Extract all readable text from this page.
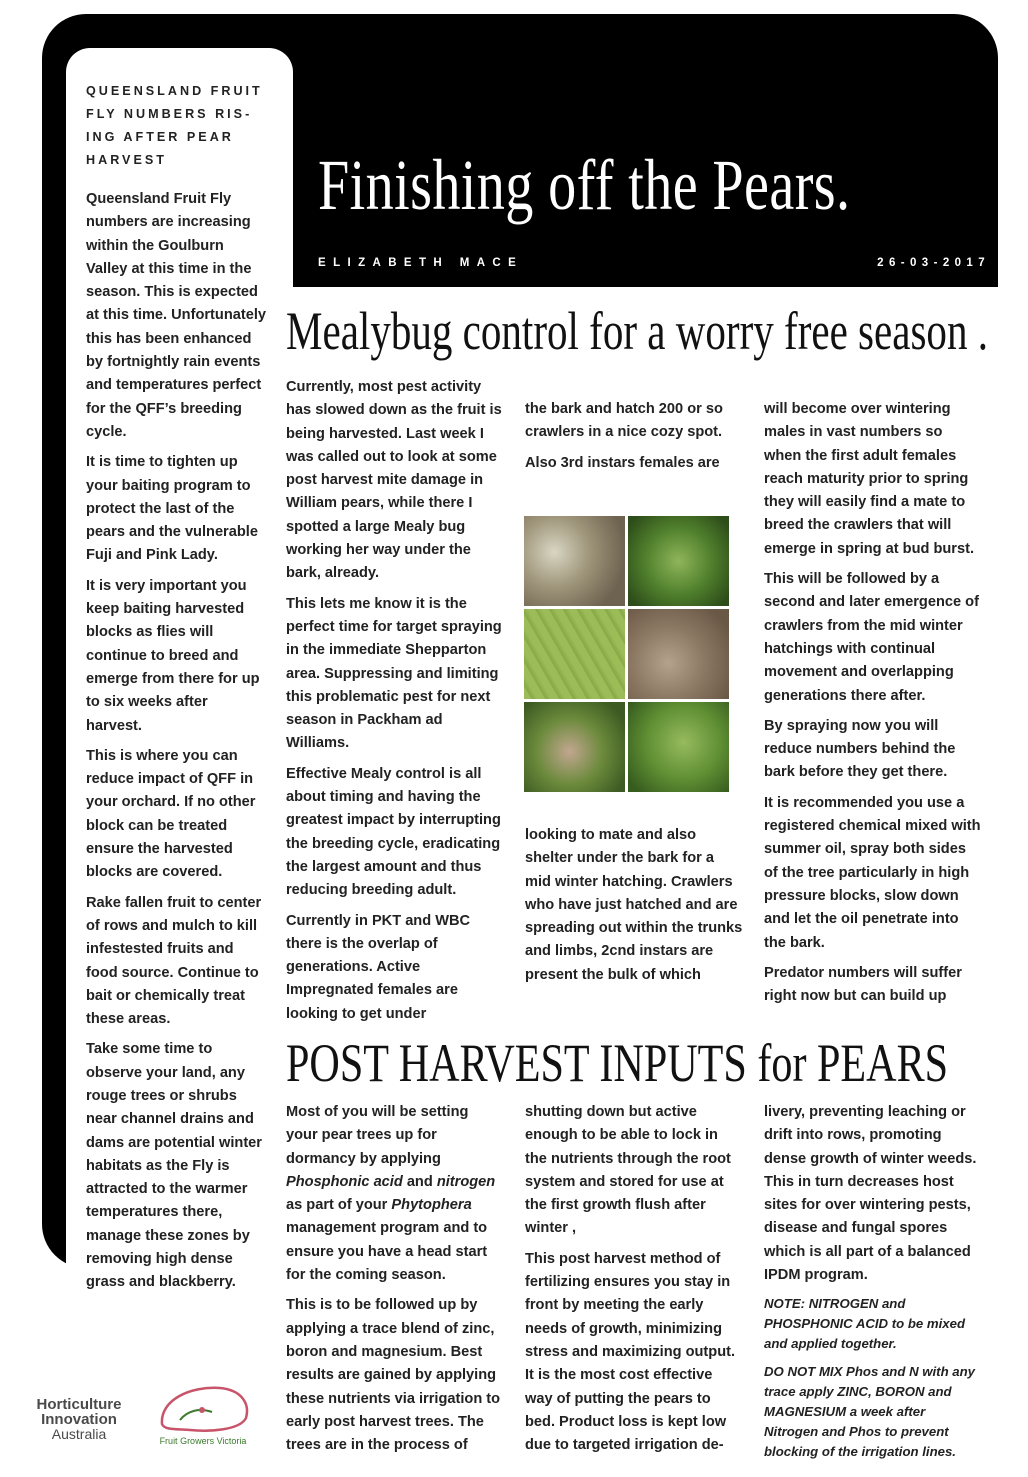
QUEENSLAND FRUIT
FLY NUMBERS RIS-
ING AFTER PEAR
HARVEST

Queensland Fruit Fly numbers are increasing within the Goulburn Valley at this time in the season. This is expected at this time. Unfortunately this has been enhanced by fortnightly rain events and temperatures perfect for the QFF’s breeding cycle.

It is time to tighten up your baiting program to protect the last of the pears and the vulnerable Fuji and Pink Lady.

It is very important you keep baiting harvested blocks as flies will continue to breed and emerge from there for up to six weeks after harvest.

This is where you can reduce impact of QFF in your orchard. If no other block can be treated ensure the harvested blocks are covered.

Rake fallen fruit to center of rows and mulch to kill infestested fruits and food source. Continue to bait or chemically treat these areas.

Take some time to observe your land, any rouge trees or shrubs near channel drains and dams are potential winter habitats as the Fly is attracted to the warmer temperatures there, manage these zones by removing high dense grass and blackberry.

Finishing off the Pears.
ELIZABETH MACE	26-03-2017
Mealybug control for a worry free season .

Currently, most pest activity has slowed down as the fruit is being harvested. Last week I was called out to look at some post harvest mite damage in William pears, while there I spotted a large Mealy bug working her way under the bark, already.

This lets me know it is the perfect time for target spraying in the immediate Shepparton area. Suppressing and limiting this problematic pest for next season in Packham ad Williams.

Effective Mealy control is all about timing and having the greatest impact by interrupting the breeding cycle, eradicating the largest amount and thus reducing breeding adult.

Currently in PKT and WBC there is the overlap of generations. Active Impregnated females are looking to get under

the bark and hatch 200 or so crawlers in a nice cozy spot.

Also 3rd instars females are

looking to mate and also shelter under the bark for a mid winter hatching. Crawlers who have just hatched and are spreading out within the trunks and limbs, 2cnd instars are present the bulk of which

will become over wintering males in vast numbers so when the first adult females reach maturity prior to spring they will easily find a mate to breed the crawlers that will emerge in spring at bud burst.

This will be followed by a second and later emergence of crawlers from the mid winter hatchings with continual movement and overlapping generations there after.

By spraying now you will reduce numbers behind the bark before they get there.

It is recommended you use a registered chemical mixed with summer oil, spray both sides of the tree particularly in high pressure blocks, slow down and let the oil penetrate into the bark.

Predator numbers will suffer right now but can build up

POST HARVEST INPUTS for PEARS

Most of you will be setting your pear trees up for dormancy by applying Phosphonic acid and nitrogen as part of your Phytophera management program and to ensure you have a head start for the coming season.

This is to be followed up by applying a trace blend of zinc, boron and magnesium. Best results are gained by applying these nutrients via irrigation to early post harvest trees. The trees are in the process of

shutting down but active enough to be able to lock in the nutrients through the root system and stored for use at the first growth flush after winter ,

This post harvest method of fertilizing ensures you stay in front by meeting the early needs of growth, minimizing stress and maximizing output. It is the most cost effective way of putting the pears to bed. Product loss is kept low due to targeted irrigation de-

livery, preventing leaching or drift into rows, promoting dense growth of winter weeds. This in turn decreases host sites for over wintering pests, disease and fungal spores which is all part of a balanced IPDM program.

NOTE: NITROGEN and PHOSPHONIC ACID to be mixed and applied together.

DO NOT MIX Phos and N with any trace apply ZINC, BORON and MAGNESIUM a week after Nitrogen and Phos to prevent blocking of the irrigation lines.

Horticulture
Innovation
Australia	Fruit Growers Victoria
